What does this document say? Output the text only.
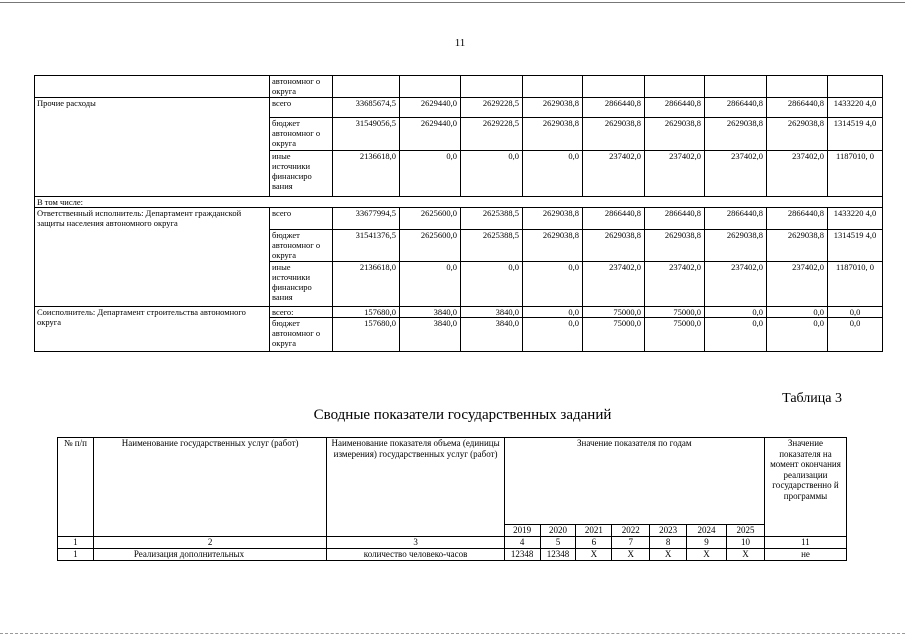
11
	автономног о округа									
Прочие расходы	всего	33685674,5	2629440,0	2629228,5	2629038,8	2866440,8	2866440,8	2866440,8	2866440,8	1433220 4,0
	бюджет автономног о округа	31549056,5	2629440,0	2629228,5	2629038,8	2629038,8	2629038,8	2629038,8	2629038,8	1314519 4,0
	иные источники финансиро вания	2136618,0	0,0	0,0	0,0	237402,0	237402,0	237402,0	237402,0	1187010, 0
В том числе:										
Ответственный исполнитель: Департамент гражданской защиты населения автономного округа	всего	33677994,5	2625600,0	2625388,5	2629038,8	2866440,8	2866440,8	2866440,8	2866440,8	1433220 4,0
	бюджет автономног о округа	31541376,5	2625600,0	2625388,5	2629038,8	2629038,8	2629038,8	2629038,8	2629038,8	1314519 4,0
	иные источники финансиро вания	2136618,0	0,0	0,0	0,0	237402,0	237402,0	237402,0	237402,0	1187010, 0
Соисполнитель: Департамент строительства автономного округа	всего:	157680,0	3840,0	3840,0	0,0	75000,0	75000,0	0,0	0,0	0,0
	бюджет автономног о округа	157680,0	3840,0	3840,0	0,0	75000,0	75000,0	0,0	0,0	0,0
Таблица 3
Сводные показатели государственных заданий
№ п/п	Наименование государственных услуг (работ)	Наименование показателя объема (единицы измерения) государственных услуг (работ)	Значение показателя по годам							Значение показателя на момент окончания реализации государственно й программы
			2019	2020	2021	2022	2023	2024	2025	
1	2	3	4	5	6	7	8	9	10	11
1	Реализация дополнительных	количество человеко-часов	12348	12348	X	X	X	X	X	не
